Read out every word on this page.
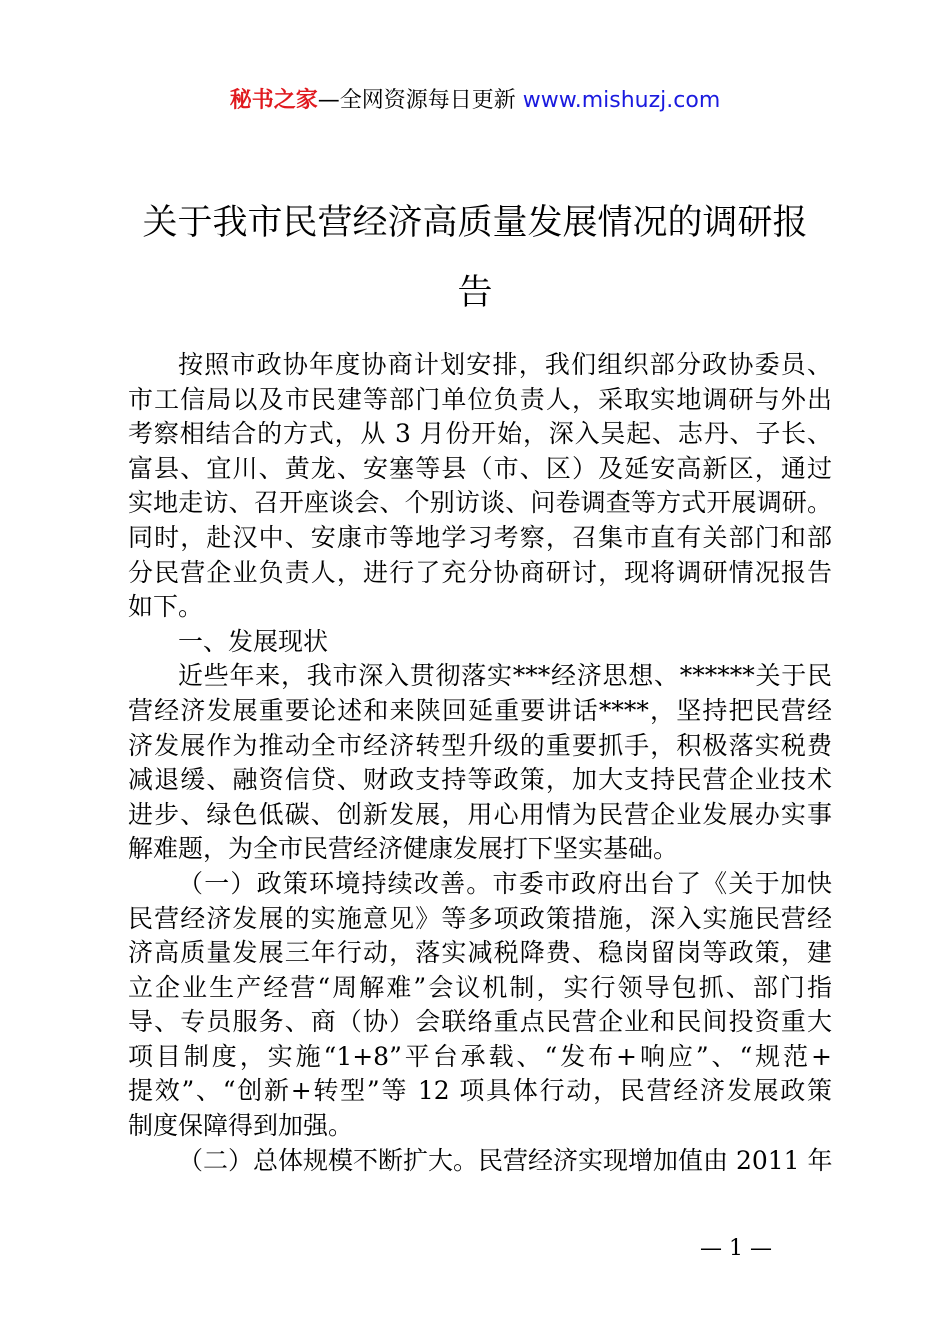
秘书之家—全网资源每日更新 www.mishuzj.com
关于我市民营经济高质量发展情况的调研报
告
按照市政协年度协商计划安排，我们组织部分政协委员、
市工信局以及市民建等部门单位负责人，采取实地调研与外出
考察相结合的方式，从 3 月份开始，深入吴起、志丹、子长、
富县、宜川、黄龙、安塞等县（市、区）及延安高新区，通过
实地走访、召开座谈会、个别访谈、问卷调查等方式开展调研。
同时，赴汉中、安康市等地学习考察，召集市直有关部门和部
分民营企业负责人，进行了充分协商研讨，现将调研情况报告
如下。
一、发展现状
近些年来，我市深入贯彻落实***经济思想、******关于民
营经济发展重要论述和来陕回延重要讲话****，坚持把民营经
济发展作为推动全市经济转型升级的重要抓手，积极落实税费
减退缓、融资信贷、财政支持等政策，加大支持民营企业技术
进步、绿色低碳、创新发展，用心用情为民营企业发展办实事
解难题，为全市民营经济健康发展打下坚实基础。
（一）政策环境持续改善。市委市政府出台了《关于加快
民营经济发展的实施意见》等多项政策措施，深入实施民营经
济高质量发展三年行动，落实减税降费、稳岗留岗等政策，建
立企业生产经营“周解难”会议机制，实行领导包抓、部门指
导、专员服务、商（协）会联络重点民营企业和民间投资重大
项目制度，实施“1+8”平台承载、“发布+响应”、“规范+
提效”、“创新+转型”等 12 项具体行动，民营经济发展政策
制度保障得到加强。
（二）总体规模不断扩大。民营经济实现增加值由 2011 年
— 1 —
